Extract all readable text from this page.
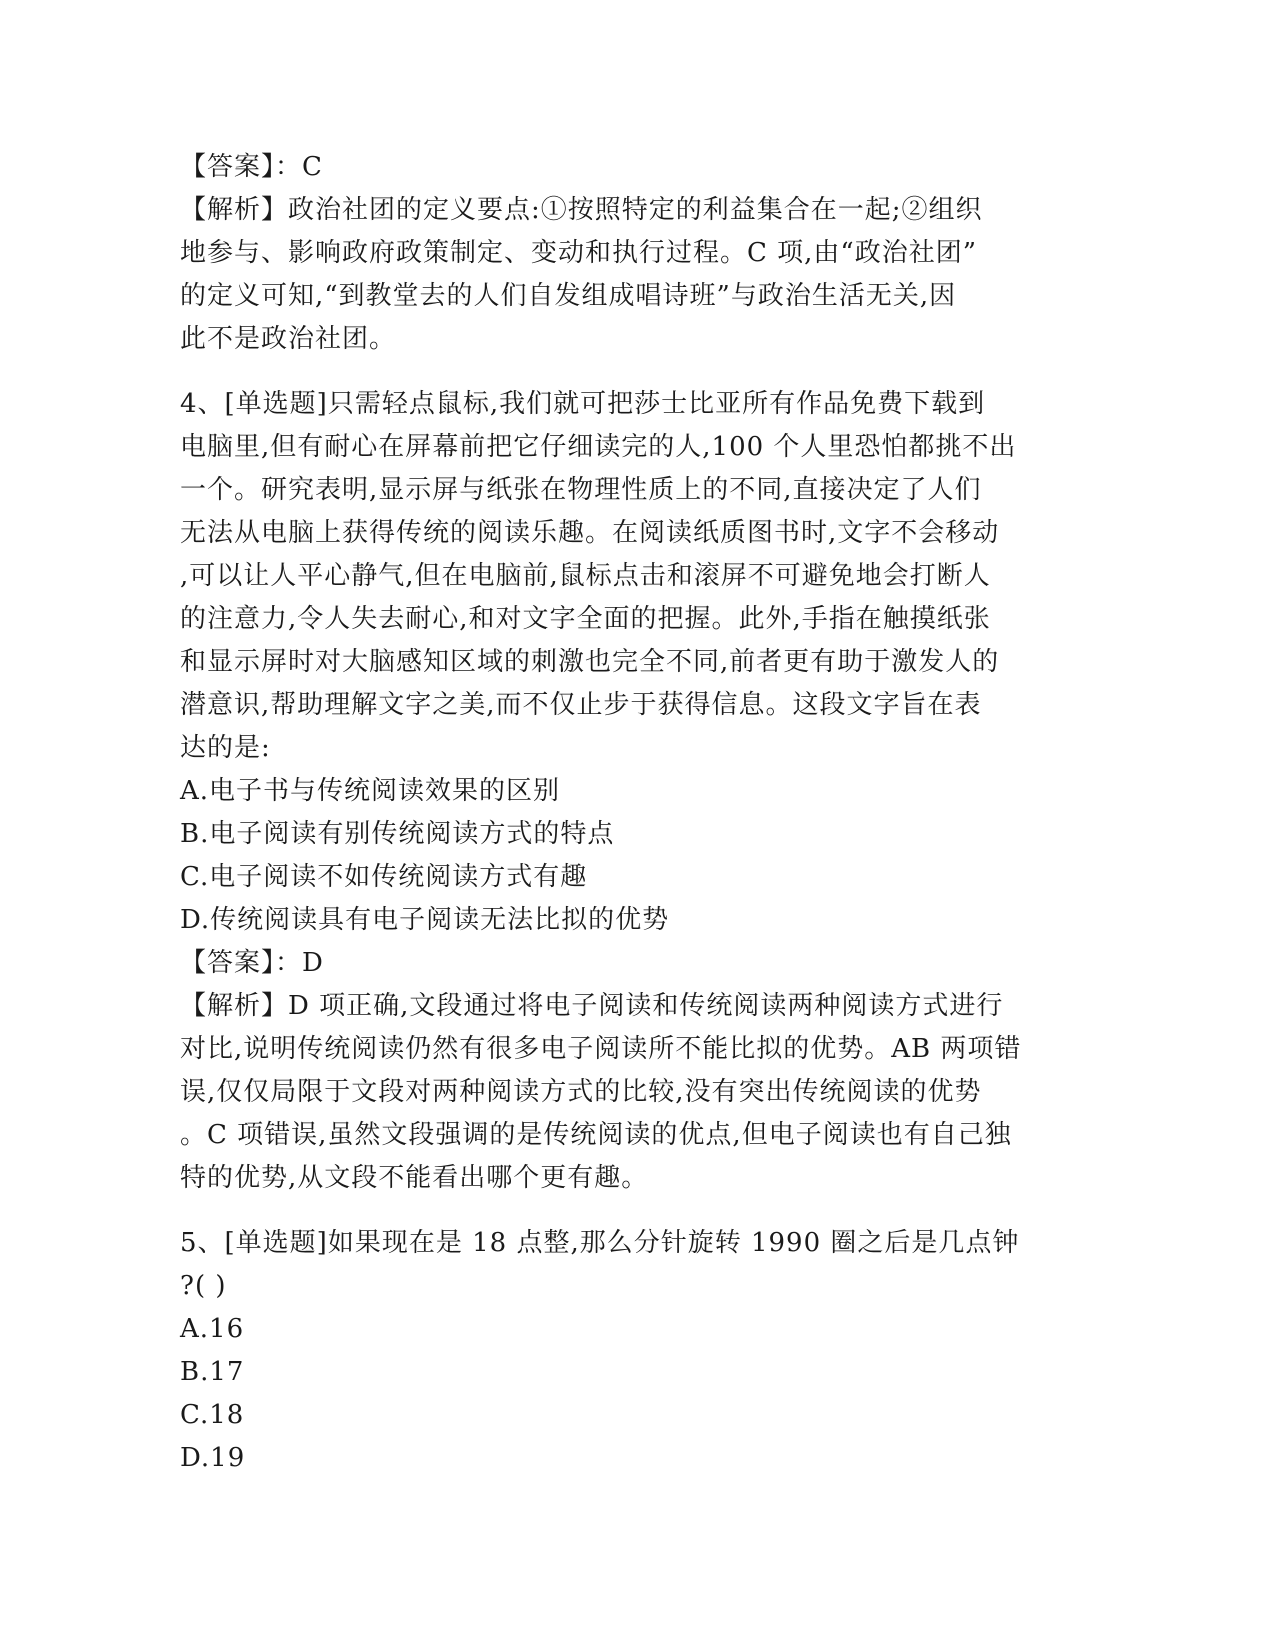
【答案】：C
【解析】政治社团的定义要点:①按照特定的利益集合在一起;②组织
地参与、影响政府政策制定、变动和执行过程。C 项,由“政治社团”
的定义可知,“到教堂去的人们自发组成唱诗班”与政治生活无关,因
此不是政治社团。
4、[单选题]只需轻点鼠标,我们就可把莎士比亚所有作品免费下载到
电脑里,但有耐心在屏幕前把它仔细读完的人,100 个人里恐怕都挑不出
一个。研究表明,显示屏与纸张在物理性质上的不同,直接决定了人们
无法从电脑上获得传统的阅读乐趣。在阅读纸质图书时,文字不会移动
,可以让人平心静气,但在电脑前,鼠标点击和滚屏不可避免地会打断人
的注意力,令人失去耐心,和对文字全面的把握。此外,手指在触摸纸张
和显示屏时对大脑感知区域的刺激也完全不同,前者更有助于激发人的
潜意识,帮助理解文字之美,而不仅止步于获得信息。这段文字旨在表
达的是:
A.电子书与传统阅读效果的区别
B.电子阅读有别传统阅读方式的特点
C.电子阅读不如传统阅读方式有趣
D.传统阅读具有电子阅读无法比拟的优势
【答案】：D
【解析】D 项正确,文段通过将电子阅读和传统阅读两种阅读方式进行
对比,说明传统阅读仍然有很多电子阅读所不能比拟的优势。AB 两项错
误,仅仅局限于文段对两种阅读方式的比较,没有突出传统阅读的优势
。C 项错误,虽然文段强调的是传统阅读的优点,但电子阅读也有自己独
特的优势,从文段不能看出哪个更有趣。
5、[单选题]如果现在是 18 点整,那么分针旋转 1990 圈之后是几点钟
?( )
A.16
B.17
C.18
D.19
